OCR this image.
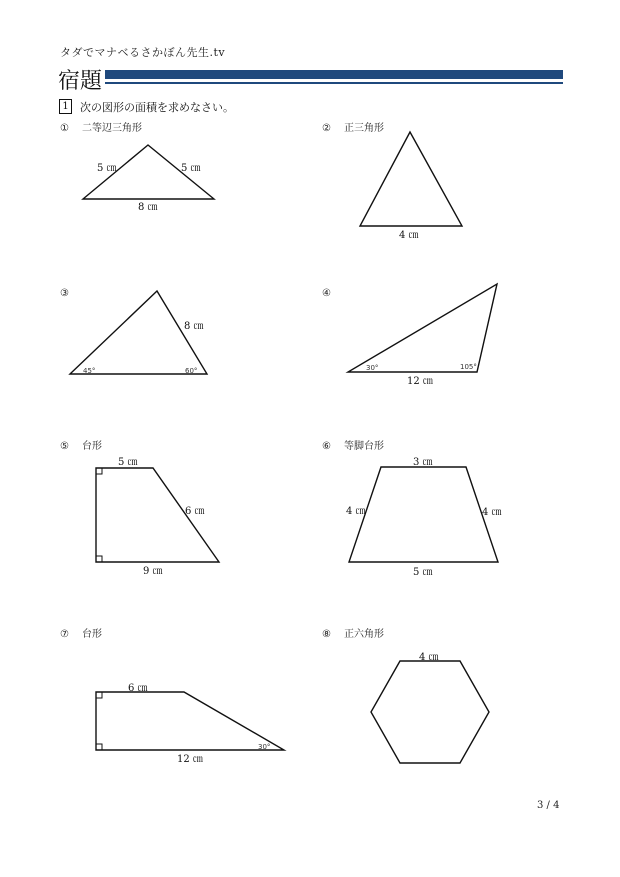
タダでマナベるさかぼん先生.tv
宿題
1	次の図形の面積を求めなさい。
① 二等辺三角形	② 正三角形
③	④
⑤ 台形	⑥ 等脚台形
⑦ 台形	⑧ 正六角形
5 ㎝	5 ㎝
8 ㎝
4 ㎝
8 ㎝
45°	60°	30°	105°
12 ㎝
5 ㎝
6 ㎝
9 ㎝
3 ㎝
4 ㎝	4 ㎝
5 ㎝
6 ㎝
30°
12 ㎝
4 ㎝
3 / 4
